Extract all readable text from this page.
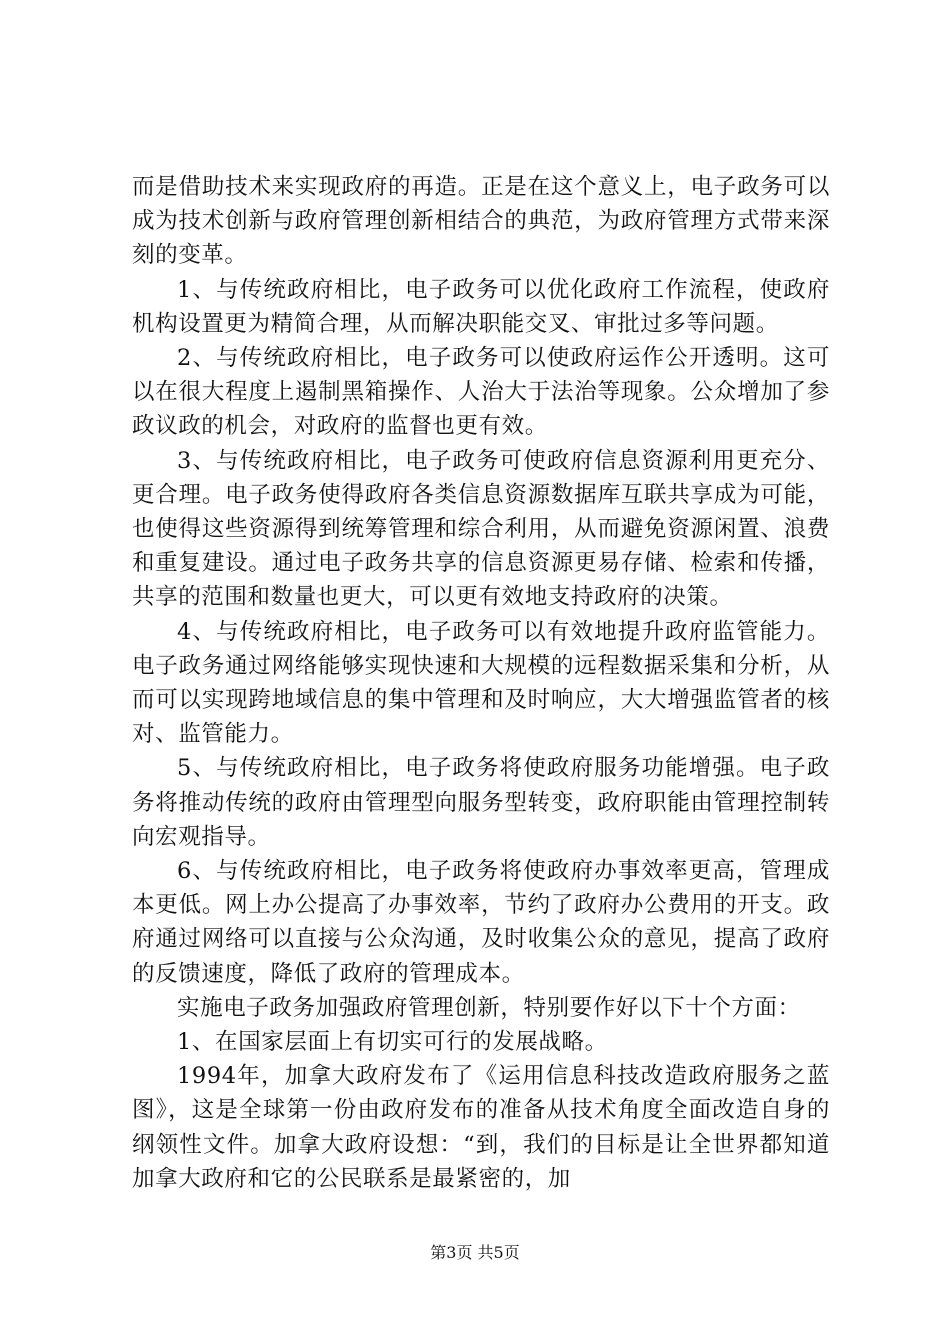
而是借助技术来实现政府的再造。正是在这个意义上，电子政务可以成为技术创新与政府管理创新相结合的典范，为政府管理方式带来深刻的变革。

1、与传统政府相比，电子政务可以优化政府工作流程，使政府机构设置更为精简合理，从而解决职能交叉、审批过多等问题。

2、与传统政府相比，电子政务可以使政府运作公开透明。这可以在很大程度上遏制黑箱操作、人治大于法治等现象。公众增加了参政议政的机会，对政府的监督也更有效。

3、与传统政府相比，电子政务可使政府信息资源利用更充分、更合理。电子政务使得政府各类信息资源数据库互联共享成为可能，也使得这些资源得到统筹管理和综合利用，从而避免资源闲置、浪费和重复建设。通过电子政务共享的信息资源更易存储、检索和传播，共享的范围和数量也更大，可以更有效地支持政府的决策。

4、与传统政府相比，电子政务可以有效地提升政府监管能力。电子政务通过网络能够实现快速和大规模的远程数据采集和分析，从而可以实现跨地域信息的集中管理和及时响应，大大增强监管者的核对、监管能力。

5、与传统政府相比，电子政务将使政府服务功能增强。电子政务将推动传统的政府由管理型向服务型转变，政府职能由管理控制转向宏观指导。

6、与传统政府相比，电子政务将使政府办事效率更高，管理成本更低。网上办公提高了办事效率，节约了政府办公费用的开支。政府通过网络可以直接与公众沟通，及时收集公众的意见，提高了政府的反馈速度，降低了政府的管理成本。

实施电子政务加强政府管理创新，特别要作好以下十个方面：

1、在国家层面上有切实可行的发展战略。

1994年，加拿大政府发布了《运用信息科技改造政府服务之蓝图》，这是全球第一份由政府发布的准备从技术角度全面改造自身的纲领性文件。加拿大政府设想：“到，我们的目标是让全世界都知道加拿大政府和它的公民联系是最紧密的，加

第3页 共5页
